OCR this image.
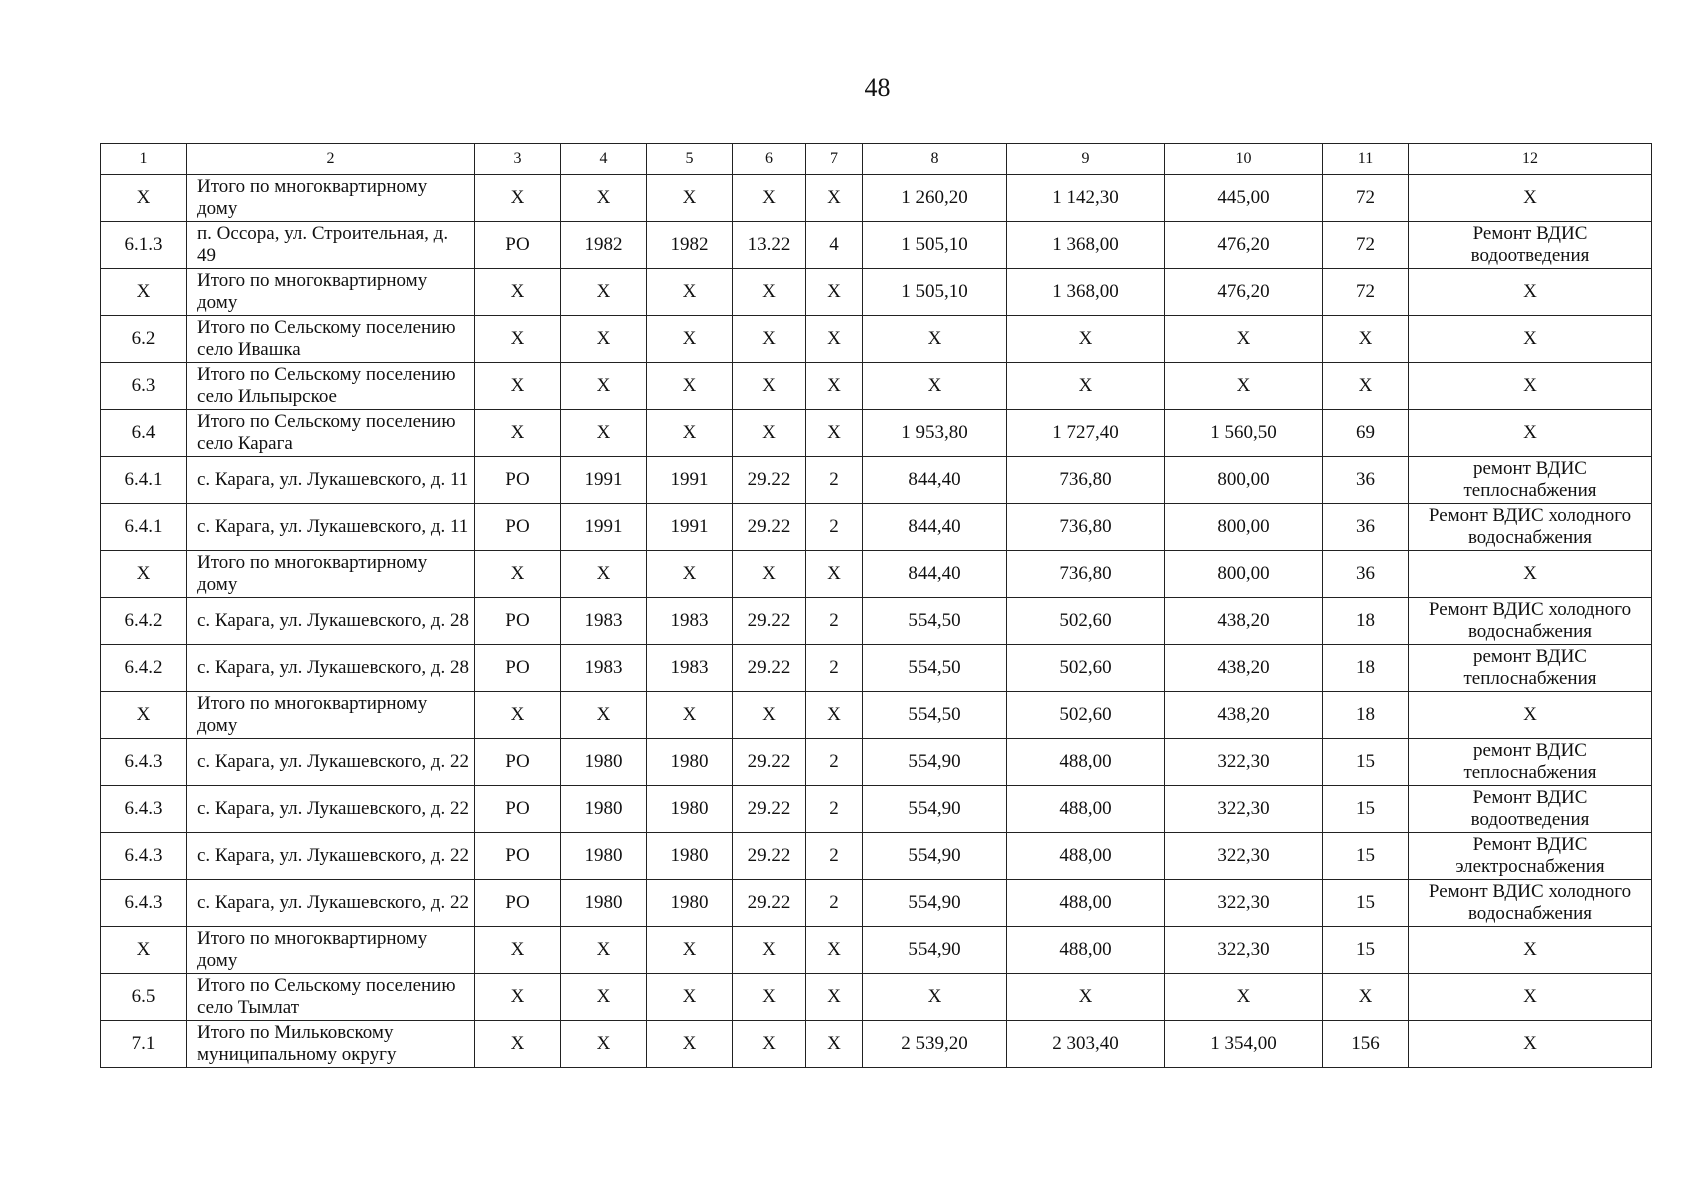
48
1	2	3	4	5	6	7	8	9	10	11	12
Х	Итого по многоквартирному дому	Х	Х	Х	Х	Х	1 260,20	1 142,30	445,00	72	Х
6.1.3	п. Оссора, ул. Строительная, д. 49	РО	1982	1982	13.22	4	1 505,10	1 368,00	476,20	72	Ремонт ВДИС водоотведения
Х	Итого по многоквартирному дому	Х	Х	Х	Х	Х	1 505,10	1 368,00	476,20	72	Х
6.2	Итого по Сельскому поселению село Ивашка	Х	Х	Х	Х	Х	Х	Х	Х	Х	Х
6.3	Итого по Сельскому поселению село Ильпырское	Х	Х	Х	Х	Х	Х	Х	Х	Х	Х
6.4	Итого по Сельскому поселению село Карага	Х	Х	Х	Х	Х	1 953,80	1 727,40	1 560,50	69	Х
6.4.1	с. Карага, ул. Лукашевского, д. 11	РО	1991	1991	29.22	2	844,40	736,80	800,00	36	ремонт ВДИС теплоснабжения
6.4.1	с. Карага, ул. Лукашевского, д. 11	РО	1991	1991	29.22	2	844,40	736,80	800,00	36	Ремонт ВДИС холодного водоснабжения
Х	Итого по многоквартирному дому	Х	Х	Х	Х	Х	844,40	736,80	800,00	36	Х
6.4.2	с. Карага, ул. Лукашевского, д. 28	РО	1983	1983	29.22	2	554,50	502,60	438,20	18	Ремонт ВДИС холодного водоснабжения
6.4.2	с. Карага, ул. Лукашевского, д. 28	РО	1983	1983	29.22	2	554,50	502,60	438,20	18	ремонт ВДИС теплоснабжения
Х	Итого по многоквартирному дому	Х	Х	Х	Х	Х	554,50	502,60	438,20	18	Х
6.4.3	с. Карага, ул. Лукашевского, д. 22	РО	1980	1980	29.22	2	554,90	488,00	322,30	15	ремонт ВДИС теплоснабжения
6.4.3	с. Карага, ул. Лукашевского, д. 22	РО	1980	1980	29.22	2	554,90	488,00	322,30	15	Ремонт ВДИС водоотведения
6.4.3	с. Карага, ул. Лукашевского, д. 22	РО	1980	1980	29.22	2	554,90	488,00	322,30	15	Ремонт ВДИС электроснабжения
6.4.3	с. Карага, ул. Лукашевского, д. 22	РО	1980	1980	29.22	2	554,90	488,00	322,30	15	Ремонт ВДИС холодного водоснабжения
Х	Итого по многоквартирному дому	Х	Х	Х	Х	Х	554,90	488,00	322,30	15	Х
6.5	Итого по Сельскому поселению село Тымлат	Х	Х	Х	Х	Х	Х	Х	Х	Х	Х
7.1	Итого по Мильковскому муниципальному округу	Х	Х	Х	Х	Х	2 539,20	2 303,40	1 354,00	156	Х
